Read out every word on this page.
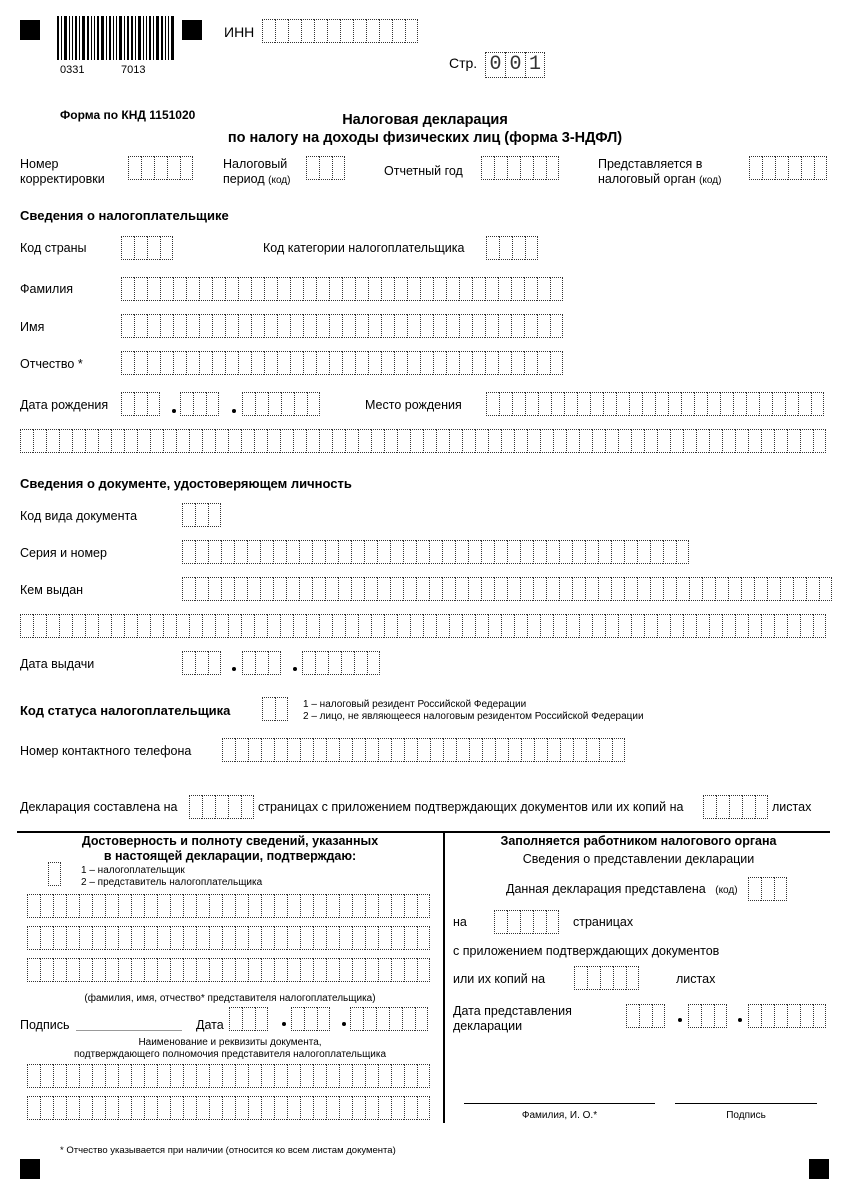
0331	7013
ИНН
Стр. 0 0 1
Форма по КНД 1151020	Налоговая декларация
по налогу на доходы физических лиц (форма 3-НДФЛ)
Номер
корректировки
Налоговый
период (код)
Отчетный год	Представляется в
налоговый орган (код)
Сведения о налогоплательщике
Код страны	Код категории налогоплательщика
Фамилия
Имя
Отчество *
Дата рождения	Место рождения
Сведения о документе, удостоверяющем личность
Код вида документа
Серия и номер
Кем выдан
Дата выдачи
Код статуса налогоплательщика	1 – налоговый резидент Российской Федерации
2 – лицо, не являющееся налоговым резидентом Российской Федерации
Номер контактного телефона
Декларация составлена на	страницах с приложением подтверждающих документов или их копий на	листах
Достоверность и полноту сведений, указанных
в настоящей декларации, подтверждаю:
1 – налогоплательщик
2 – представитель налогоплательщика
(фамилия, имя, отчество* представителя налогоплательщика)
Подпись	Дата
Наименование и реквизиты документа,
подтверждающего полномочия представителя налогоплательщика
Заполняется работником налогового органа
Сведения о представлении декларации
Данная декларация представлена (код)
на	страницах
с приложением подтверждающих документов
или их копий на	листах
Дата представления
декларации
Фамилия, И. О.*	Подпись
* Отчество указывается при наличии (относится ко всем листам документа)
